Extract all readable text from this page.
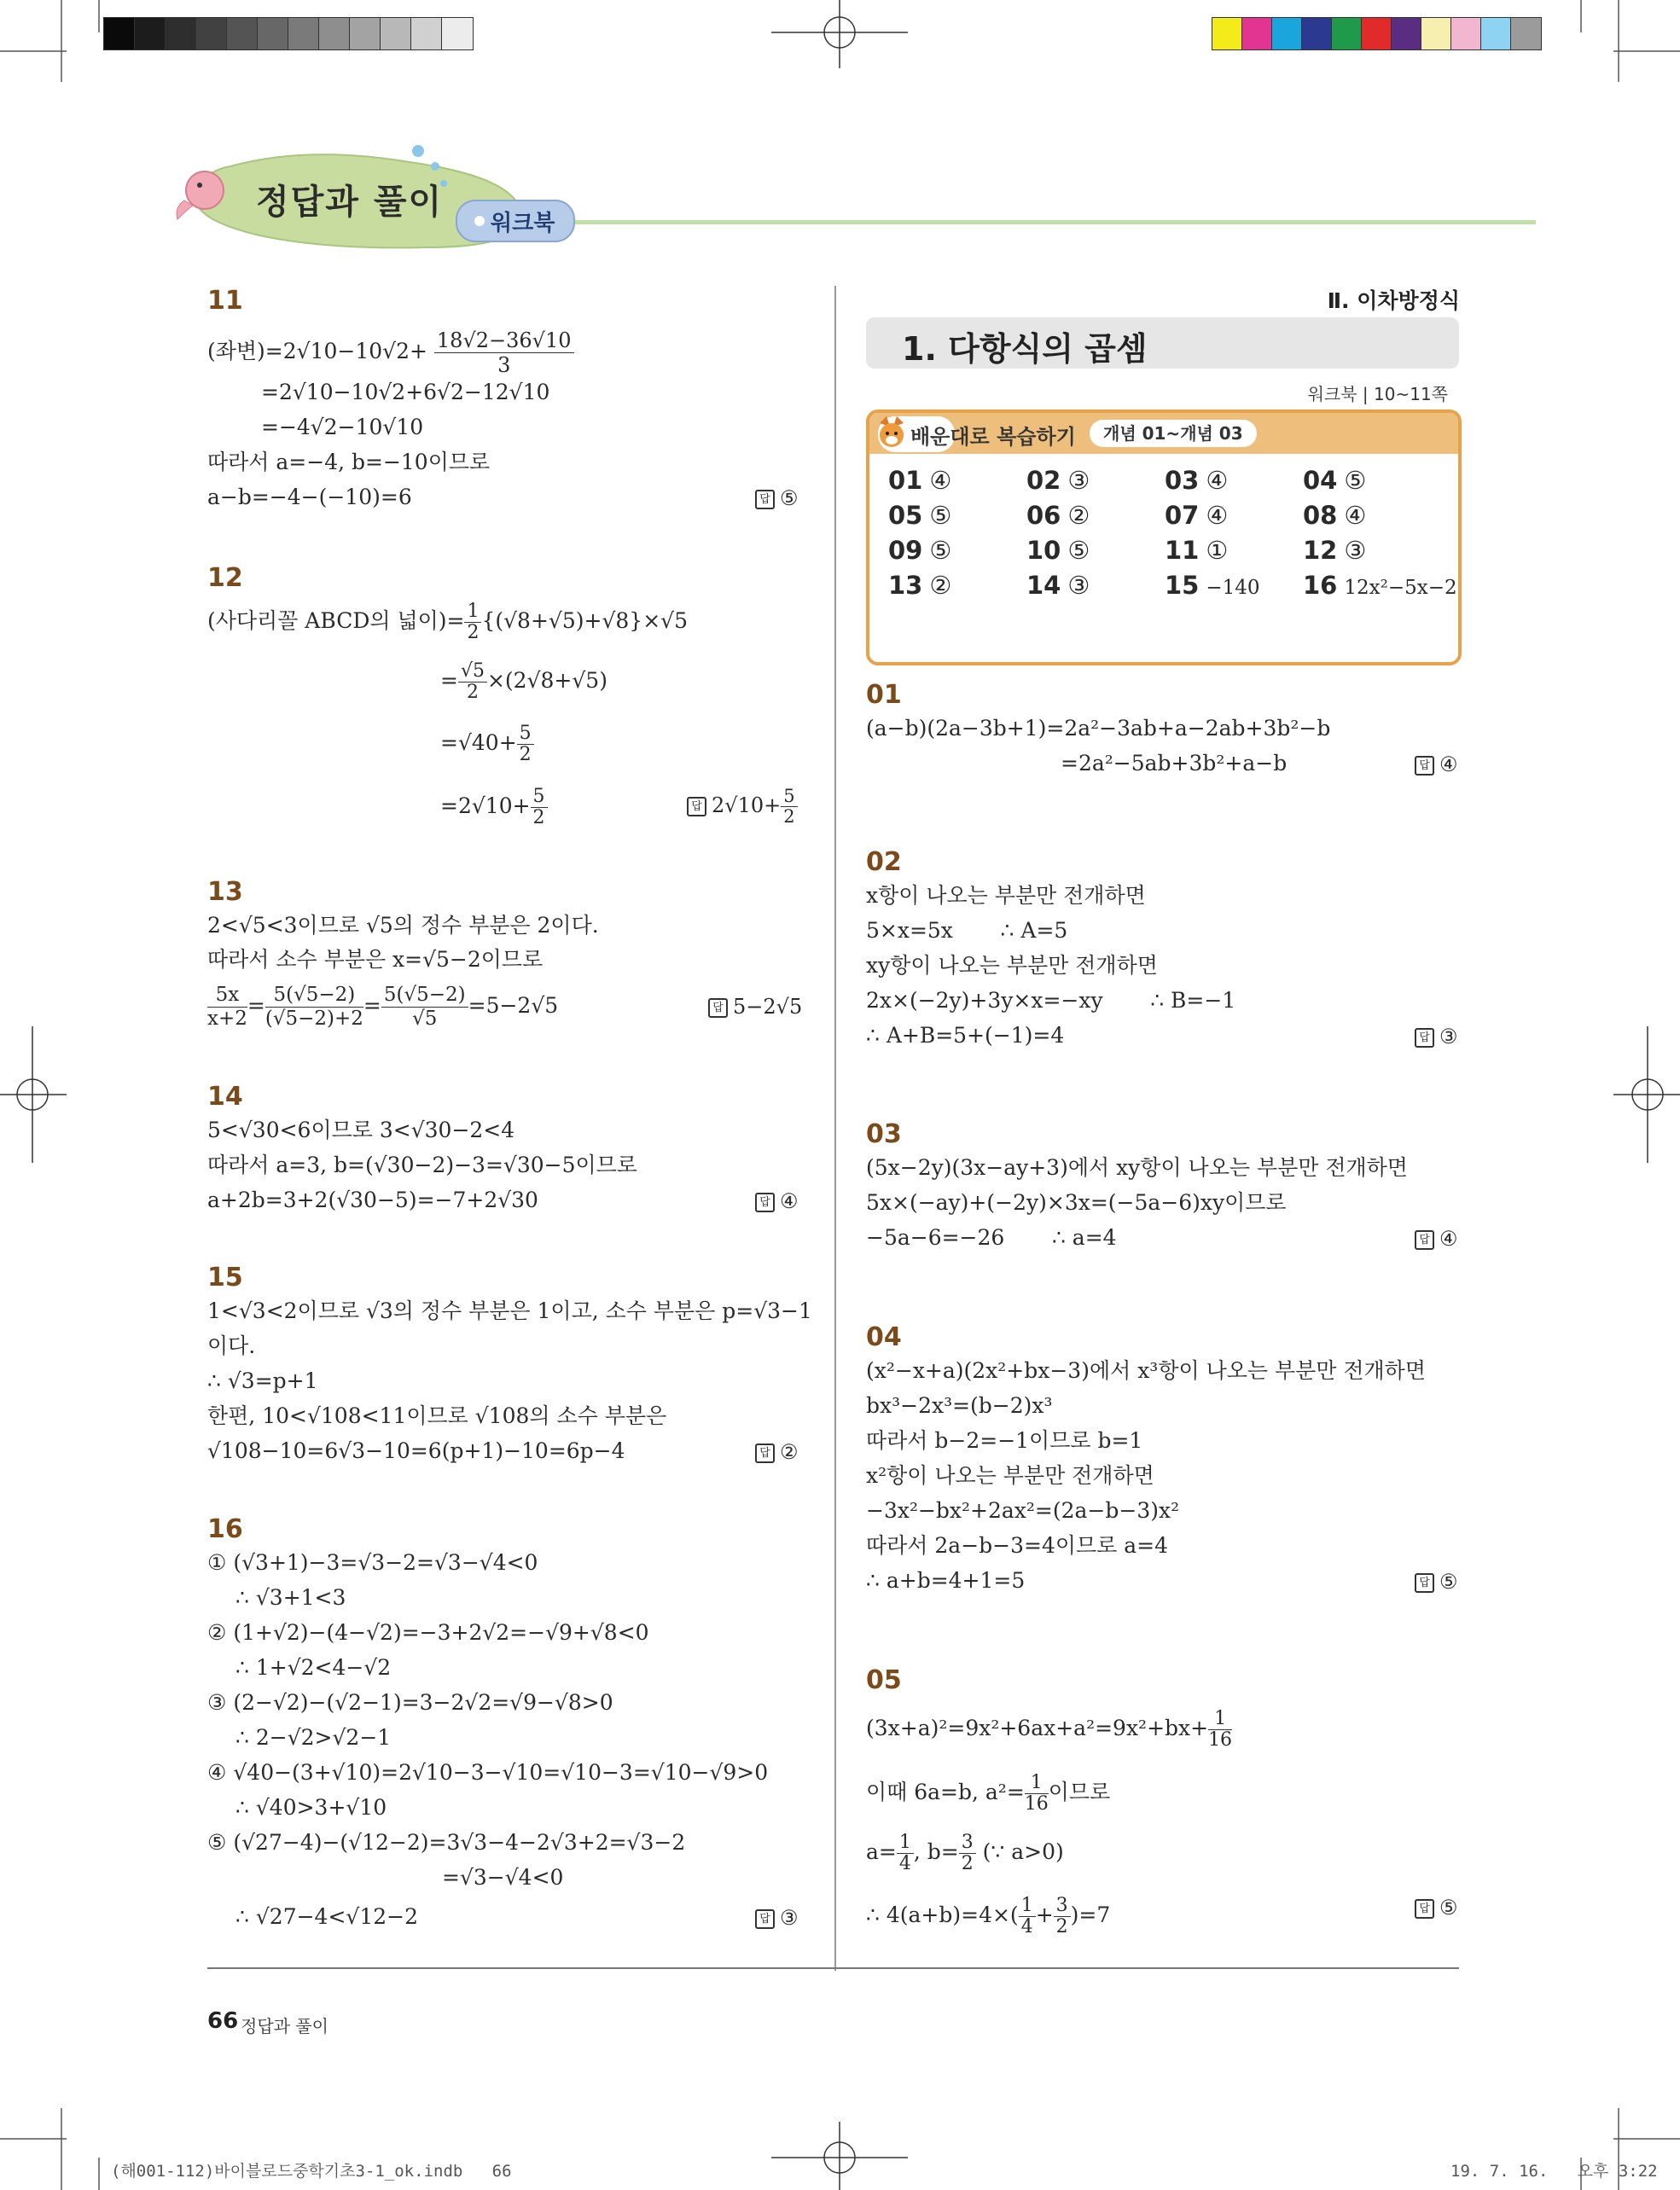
정답과 풀이
워크북
11
(좌변)$=2√10-10√2+ \frac{18√2-36√10}{3}$
=2√10−10√2+6√2−12√10
=−4√2−10√10
따라서 a=−4, b=−10이므로
a−b=−4−(−10)=6	답 ⑤
12
(사다리꼴 ABCD의 넓이)= $\frac{1}{2} \{(√8+√5)+√8\}\times√5$
= $\frac{√5}{2} \times(2√8+√5)$
$=√40+ \frac{5}{2}$
$=2√10+ \frac{5}{2}$	답 $2√10+ \frac{5}{2}$
13
2<√5<3이므로 √5의 정수 부분은 2이다.
따라서 소수 부분은 x=√5−2이므로
$\frac{5x}{x+2} = \frac{5(√5-2)}{(√5-2)+2} = \frac{5(√5-2)}{√5} =5-2√5$	답 5−2√5
14
5<√30<6이므로 3<√30−2<4
따라서 a=3, b=(√30−2)−3=√30−5이므로
a+2b=3+2(√30−5)=−7+2√30	답 ④
15
1<√3<2이므로 √3의 정수 부분은 1이고, 소수 부분은 p=√3−1
이다.
∴ √3=p+1
한편, 10<√108<11이므로 √108의 소수 부분은
√108−10=6√3−10=6(p+1)−10=6p−4	답 ②
16
① (√3+1)−3=√3−2=√3−√4<0
∴ √3+1<3
② (1+√2)−(4−√2)=−3+2√2=−√9+√8<0
∴ 1+√2<4−√2
③ (2−√2)−(√2−1)=3−2√2=√9−√8>0
∴ 2−√2>√2−1
④ √40−(3+√10)=2√10−3−√10=√10−3=√10−√9>0
∴ √40>3+√10
⑤ (√27−4)−(√12−2)=3√3−4−2√3+2=√3−2
=√3−√4<0
∴ √27−4<√12−2	답 ③
Ⅱ. 이차방정식
1. 다항식의 곱셈
워크북 | 10~11쪽
배운대로 복습하기	개념 01~개념 03
01 ④	02 ③	03 ④	04 ⑤
05 ⑤	06 ②	07 ④	08 ④
09 ⑤	10 ⑤	11 ①	12 ③
13 ②	14 ③	15 −140 16 12x²−5x−2
01
(a−b)(2a−3b+1)=2a²−3ab+a−2ab+3b²−b
=2a²−5ab+3b²+a−b	답 ④
02
x항이 나오는 부분만 전개하면
5×x=5x       ∴ A=5
xy항이 나오는 부분만 전개하면
2x×(−2y)+3y×x=−xy       ∴ B=−1
∴ A+B=5+(−1)=4	답 ③
03
(5x−2y)(3x−ay+3)에서 xy항이 나오는 부분만 전개하면
5x×(−ay)+(−2y)×3x=(−5a−6)xy이므로
−5a−6=−26       ∴ a=4	답 ④
04
(x²−x+a)(2x²+bx−3)에서 x³항이 나오는 부분만 전개하면
bx³−2x³=(b−2)x³
따라서 b−2=−1이므로 b=1
x²항이 나오는 부분만 전개하면
−3x²−bx²+2ax²=(2a−b−3)x²
따라서 2a−b−3=4이므로 a=4
∴ a+b=4+1=5	답 ⑤
05
$(3x+a)^2=9x^2+6ax+a^2=9x^2+bx+ \frac{1}{16}$
이때 6a=b, $a^2= \frac{1}{16}$ 이므로
$a= \frac{1}{4}$ , $b= \frac{3}{2}$ (∵ a>0)
∴ $4(a+b)=4\times( \frac{1}{4} + \frac{3}{2} )=7$	답 ⑤
66 정답과 풀이
(해001-112)바이블로드중학기초3-1_ok.indb   66	19. 7. 16.   오후 3:22
